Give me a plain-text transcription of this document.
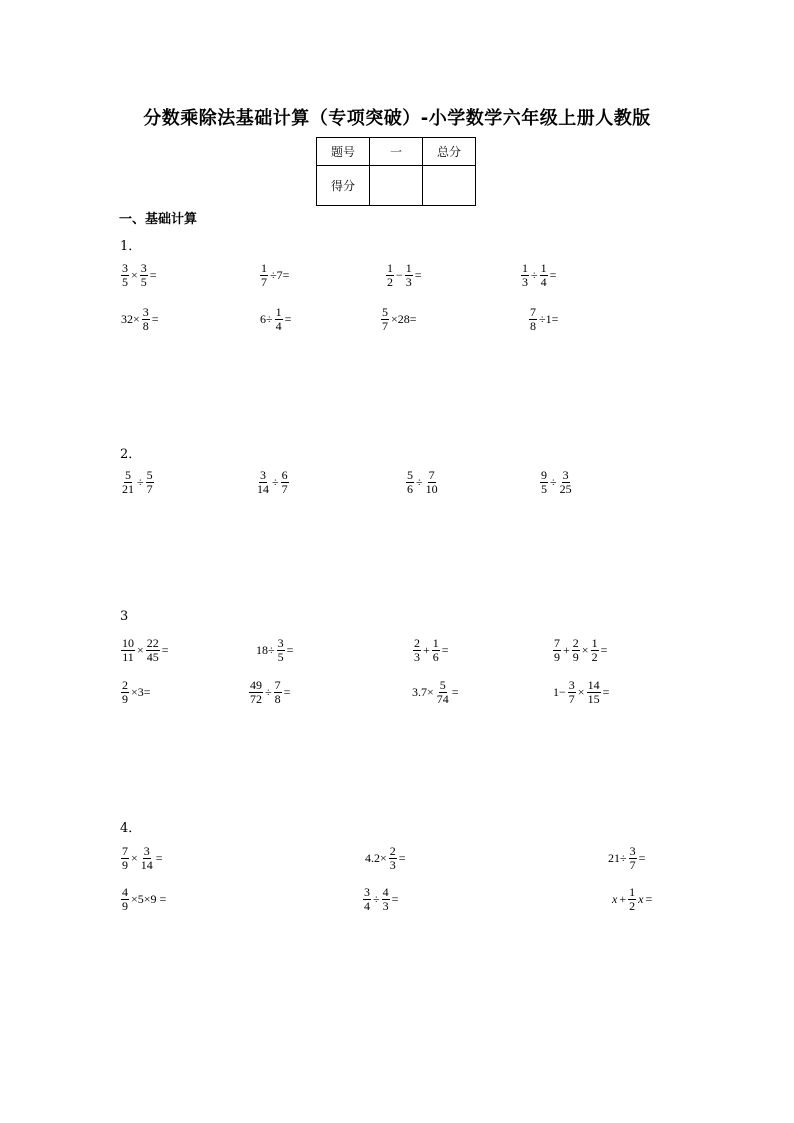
分数乘除法基础计算（专项突破）-小学数学六年级上册人教版
题号	一	总分
得分		
一、基础计算
1．
$\frac{3}{5} \times \frac{3}{5}$ =	$\frac{1}{7} \div 7=$	$\frac{1}{2} - \frac{1}{3}$ =	$\frac{1}{3} \div \frac{1}{4}$ =
$32\times \frac{3}{8}$ =	$6\div \frac{1}{4}$ =	$\frac{5}{7} \times 28=$	$\frac{7}{8} \div 1=$
2．
$\frac{5}{21} \div \frac{5}{7}$	$\frac{3}{14} \div \frac{6}{7}$	$\frac{5}{6} \div \frac{7}{10}$	$\frac{9}{5} \div \frac{3}{25}$
3
$\frac{10}{11} \times \frac{22}{45}$ =	$18\div \frac{3}{5}$ =	$\frac{2}{3} + \frac{1}{6}$ =	$\frac{7}{9} + \frac{2}{9} \times \frac{1}{2}$ =
$\frac{2}{9} \times 3=$	$\frac{49}{72} \div \frac{7}{8}$ =	$3.7\times \frac{5}{74}$ =	$1- \frac{3}{7} \times \frac{14}{15}$ =
4．
$\frac{7}{9} \times \frac{3}{14}$ =	$4.2\times \frac{2}{3}$ =	$21\div \frac{3}{7}$ =
$\frac{4}{9} \times 5\times 9$ =	$\frac{3}{4} \div \frac{4}{3}$ =	$x + \frac{1}{2}$ x =
